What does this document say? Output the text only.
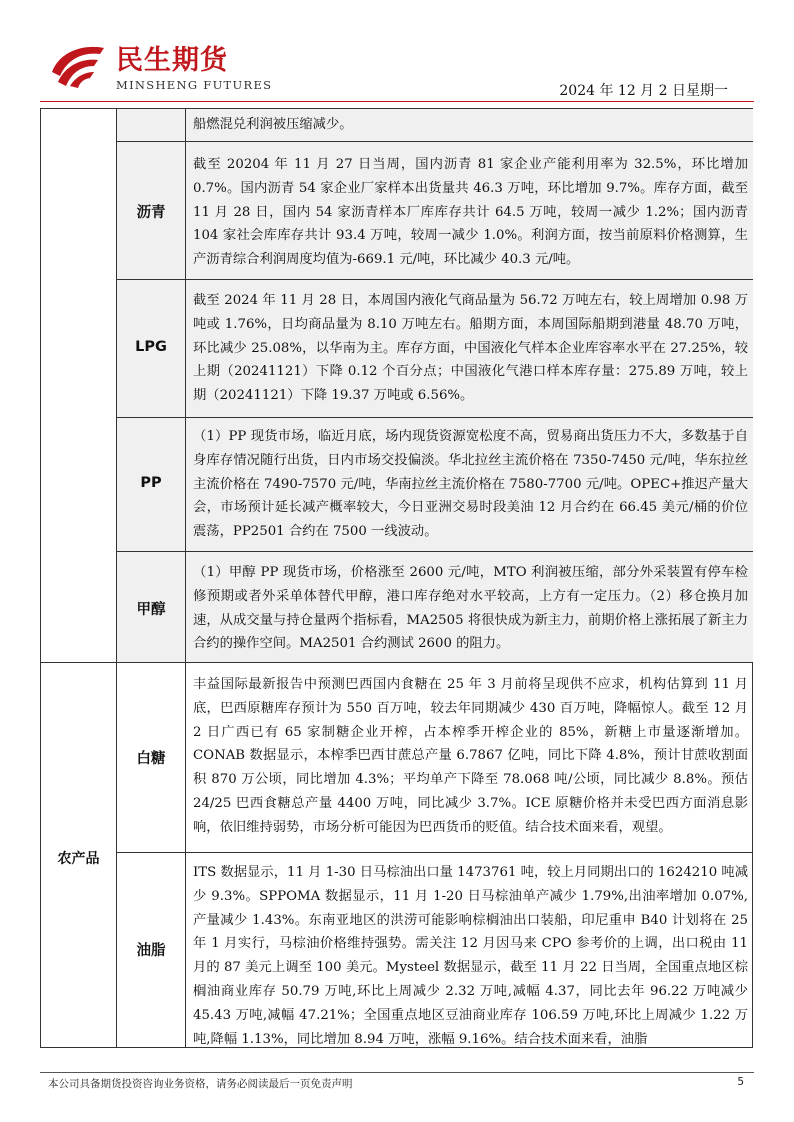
民生期货
MINSHENG FUTURES	2024 年 12 月 2 日星期一
农产品

船燃混兑利润被压缩减少。

沥青

截至 20204 年 11 月 27 日当周，国内沥青 81 家企业产能利用率为 32.5%，环比增加 0.7%。国内沥青 54 家企业厂家样本出货量共 46.3 万吨，环比增加 9.7%。库存方面，截至 11 月 28 日，国内 54 家沥青样本厂库库存共计 64.5 万吨，较周一减少 1.2%；国内沥青 104 家社会库库存共计 93.4 万吨，较周一减少 1.0%。利润方面，按当前原料价格测算，生产沥青综合利润周度均值为-669.1 元/吨，环比减少 40.3 元/吨。

LPG

截至 2024 年 11 月 28 日，本周国内液化气商品量为 56.72 万吨左右，较上周增加 0.98 万吨或 1.76%，日均商品量为 8.10 万吨左右。船期方面，本周国际船期到港量 48.70 万吨，环比减少 25.08%，以华南为主。库存方面，中国液化气样本企业库容率水平在 27.25%，较上期（20241121）下降 0.12 个百分点；中国液化气港口样本库存量：275.89 万吨，较上期（20241121）下降 19.37 万吨或 6.56%。

PP

（1）PP 现货市场，临近月底，场内现货资源宽松度不高，贸易商出货压力不大，多数基于自身库存情况随行出货，日内市场交投偏淡。华北拉丝主流价格在 7350-7450 元/吨，华东拉丝主流价格在 7490-7570 元/吨，华南拉丝主流价格在 7580-7700 元/吨。OPEC+推迟产量大会，市场预计延长减产概率较大，今日亚洲交易时段美油 12 月合约在 66.45 美元/桶的价位震荡，PP2501 合约在 7500 一线波动。

甲醇

（1）甲醇 PP 现货市场，价格涨至 2600 元/吨，MTO 利润被压缩，部分外采装置有停车检修预期或者外采单体替代甲醇，港口库存绝对水平较高，上方有一定压力。（2）移仓换月加速，从成交量与持仓量两个指标看，MA2505 将很快成为新主力，前期价格上涨拓展了新主力合约的操作空间。MA2501 合约测试 2600 的阻力。

白糖

丰益国际最新报告中预测巴西国内食糖在 25 年 3 月前将呈现供不应求，机构估算到 11 月底，巴西原糖库存预计为 550 百万吨，较去年同期减少 430 百万吨，降幅惊人。截至 12 月 2 日广西已有 65 家制糖企业开榨，占本榨季开榨企业的 85%，新糖上市量逐渐增加。CONAB 数据显示，本榨季巴西甘蔗总产量 6.7867 亿吨，同比下降 4.8%，预计甘蔗收割面积 870 万公顷，同比增加 4.3%；平均单产下降至 78.068 吨/公顷，同比减少 8.8%。预估 24/25 巴西食糖总产量 4400 万吨，同比减少 3.7%。ICE 原糖价格并未受巴西方面消息影响，依旧维持弱势，市场分析可能因为巴西货币的贬值。结合技术面来看，观望。

油脂

ITS 数据显示，11 月 1-30 日马棕油出口量 1473761 吨，较上月同期出口的 1624210 吨减少 9.3%。SPPOMA 数据显示，11 月 1-20 日马棕油单产减少 1.79%,出油率增加 0.07%,产量减少 1.43%。东南亚地区的洪涝可能影响棕榈油出口装船，印尼重申 B40 计划将在 25 年 1 月实行，马棕油价格维持强势。需关注 12 月因马来 CPO 参考价的上调，出口税由 11 月的 87 美元上调至 100 美元。Mysteel 数据显示，截至 11 月 22 日当周，全国重点地区棕榈油商业库存 50.79 万吨,环比上周减少 2.32 万吨,减幅 4.37，同比去年 96.22 万吨减少 45.43 万吨,减幅 47.21%；全国重点地区豆油商业库存 106.59 万吨,环比上周减少 1.22 万吨,降幅 1.13%，同比增加 8.94 万吨，涨幅 9.16%。结合技术面来看，油脂

本公司具备期货投资咨询业务资格，请务必阅读最后一页免责声明	5
